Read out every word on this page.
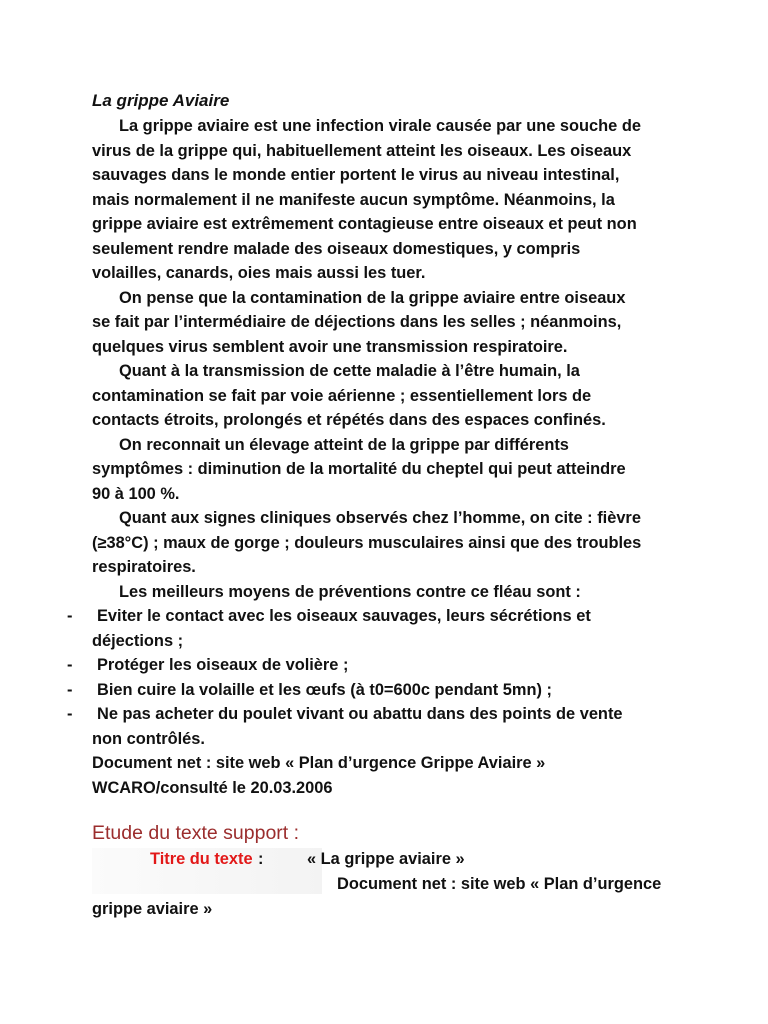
La grippe Aviaire

La grippe aviaire est une infection virale causée par une souche de
virus de la grippe qui, habituellement atteint les oiseaux. Les oiseaux
sauvages dans le monde entier portent le virus au niveau intestinal,
mais normalement il ne manifeste aucun symptôme. Néanmoins, la
grippe aviaire est extrêmement contagieuse entre oiseaux et peut non
seulement rendre malade des oiseaux domestiques, y compris
volailles, canards, oies mais aussi les tuer.

On pense que la contamination de la grippe aviaire entre oiseaux
se fait par l’intermédiaire de déjections dans les selles ; néanmoins,
quelques virus semblent avoir une transmission respiratoire.

Quant à la transmission de cette maladie à l’être humain, la
contamination se fait par voie aérienne ; essentiellement lors de
contacts étroits, prolongés et répétés dans des espaces confinés.

On reconnait un élevage atteint de la grippe par différents
symptômes : diminution de la mortalité du cheptel qui peut atteindre
90 à 100 %.

Quant aux signes cliniques observés chez l’homme, on cite : fièvre
(≥38°C) ; maux de gorge ; douleurs musculaires ainsi que des troubles
respiratoires.

Les meilleurs moyens de préventions contre ce fléau sont :

-	Eviter le contact avec les oiseaux sauvages, leurs sécrétions et
déjections ;
-	Protéger les oiseaux de volière ;
-	Bien cuire la volaille et les œufs (à t0=600c pendant 5mn) ;
-	Ne pas acheter du poulet vivant ou abattu dans des points de vente
non contrôlés.
Document net : site web « Plan d’urgence Grippe Aviaire »
WCARO/consulté le 20.03.2006
Etude du texte support :
Titre du texte :	« La grippe aviaire »
Document net : site web « Plan d’urgence
grippe aviaire »
